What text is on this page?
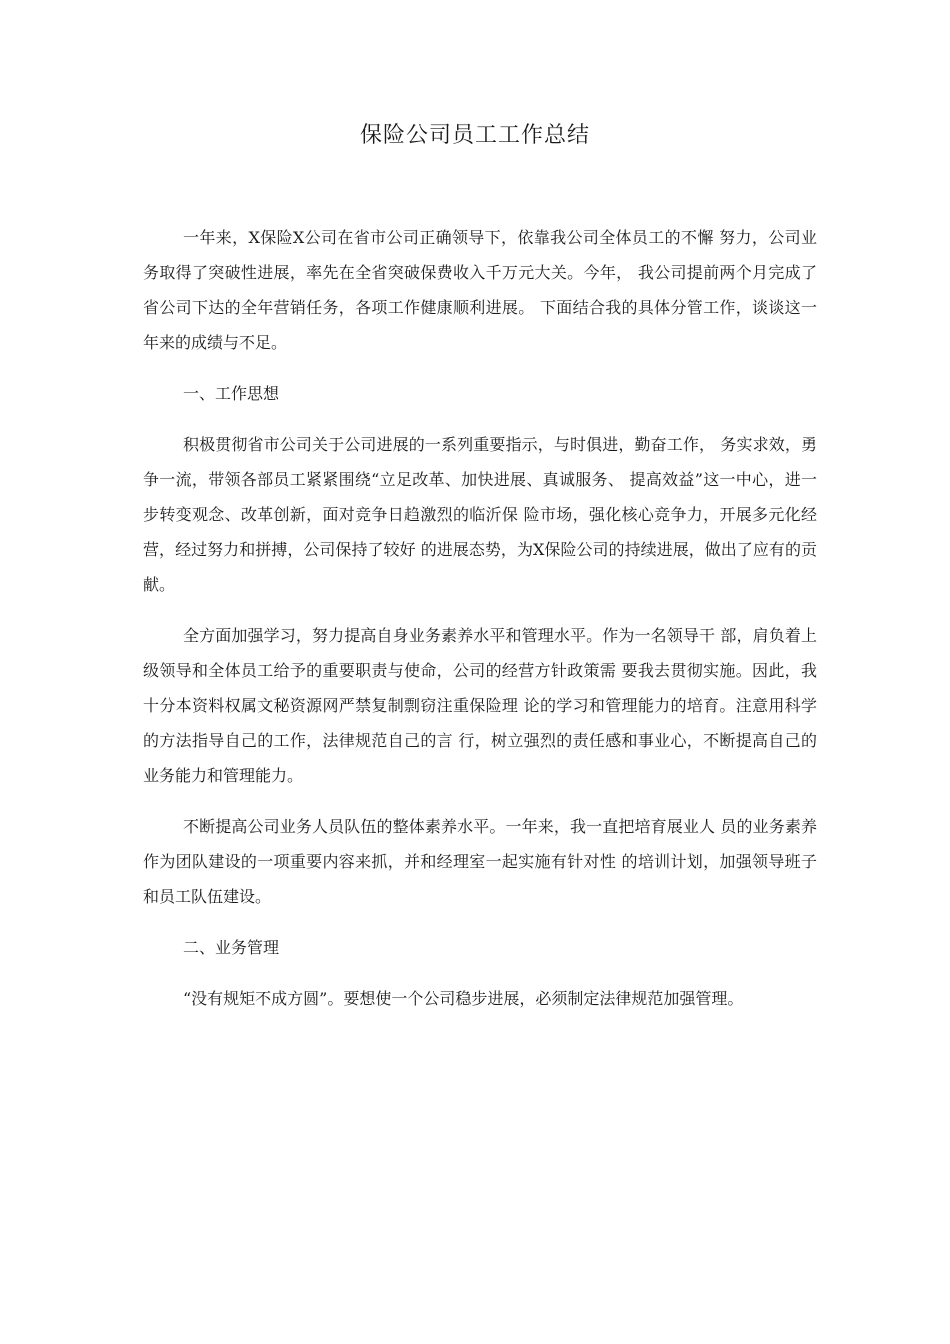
保险公司员工工作总结

一年来，X保险X公司在省市公司正确领导下，依靠我公司全体员工的不懈 努力，公司业务取得了突破性进展，率先在全省突破保费收入千万元大关。今年， 我公司提前两个月完成了省公司下达的全年营销任务，各项工作健康顺利进展。 下面结合我的具体分管工作，谈谈这一年来的成绩与不足。

一、工作思想

积极贯彻省市公司关于公司进展的一系列重要指示，与时俱进，勤奋工作， 务实求效，勇争一流，带领各部员工紧紧围绕“立足改革、加快进展、真诚服务、 提高效益”这一中心，进一步转变观念、改革创新，面对竞争日趋激烈的临沂保 险市场，强化核心竞争力，开展多元化经营，经过努力和拼搏，公司保持了较好 的进展态势，为X保险公司的持续进展，做出了应有的贡献。

全方面加强学习，努力提高自身业务素养水平和管理水平。作为一名领导干 部，肩负着上级领导和全体员工给予的重要职责与使命，公司的经营方针政策需 要我去贯彻实施。因此，我十分本资料权属文秘资源网严禁复制剽窃注重保险理 论的学习和管理能力的培育。注意用科学的方法指导自己的工作，法律规范自己的言 行，树立强烈的责任感和事业心，不断提高自己的业务能力和管理能力。

不断提高公司业务人员队伍的整体素养水平。一年来，我一直把培育展业人 员的业务素养作为团队建设的一项重要内容来抓，并和经理室一起实施有针对性 的培训计划，加强领导班子和员工队伍建设。

二、业务管理

“没有规矩不成方圆”。要想使一个公司稳步进展，必须制定法律规范加强管理。
